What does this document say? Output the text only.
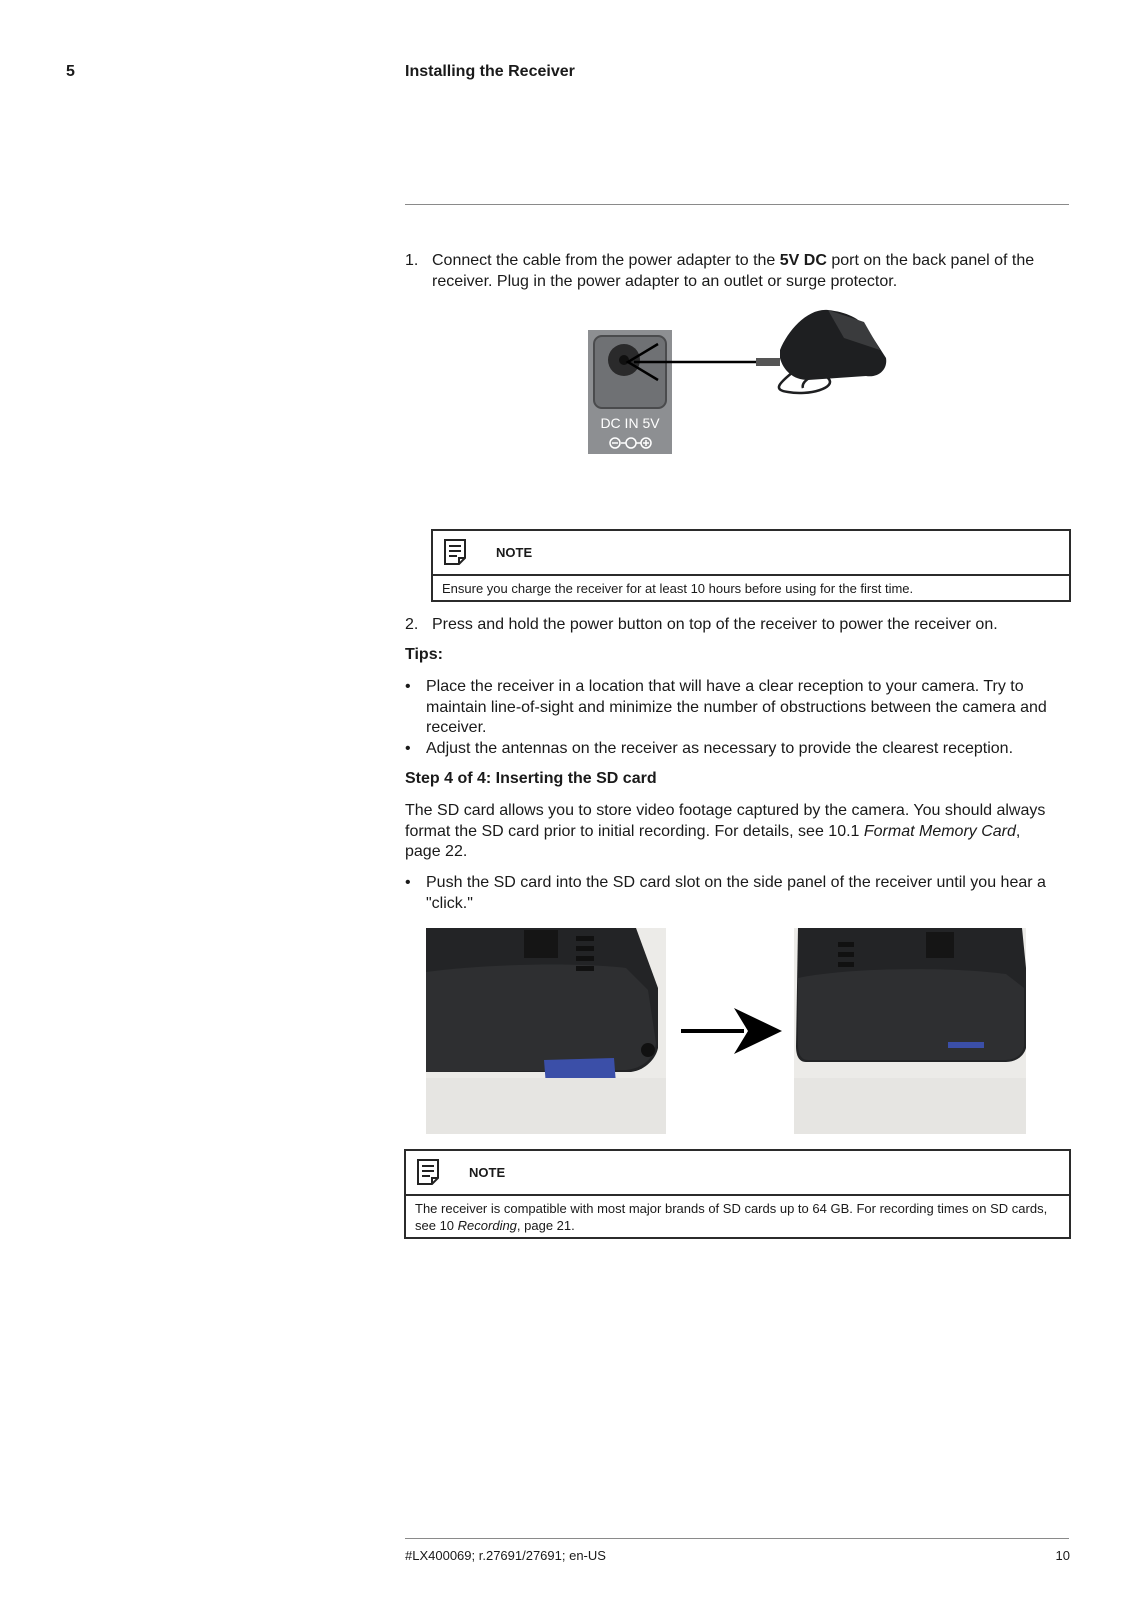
5	Installing the Receiver
1. Connect the cable from the power adapter to the 5V DC port on the back panel of the receiver. Plug in the power adapter to an outlet or surge protector.
DC IN 5V
NOTE
Ensure you charge the receiver for at least 10 hours before using for the first time.
2. Press and hold the power button on top of the receiver to power the receiver on.
Tips:
• Place the receiver in a location that will have a clear reception to your camera. Try to maintain line-of-sight and minimize the number of obstructions between the camera and receiver.
• Adjust the antennas on the receiver as necessary to provide the clearest reception.
Step 4 of 4: Inserting the SD card
The SD card allows you to store video footage captured by the camera. You should always format the SD card prior to initial recording. For details, see 10.1 Format Memory Card, page 22.
• Push the SD card into the SD card slot on the side panel of the receiver until you hear a "click."
NOTE
The receiver is compatible with most major brands of SD cards up to 64 GB. For recording times on SD cards, see 10 Recording, page 21.
#LX400069; r.27691/27691; en-US	10
